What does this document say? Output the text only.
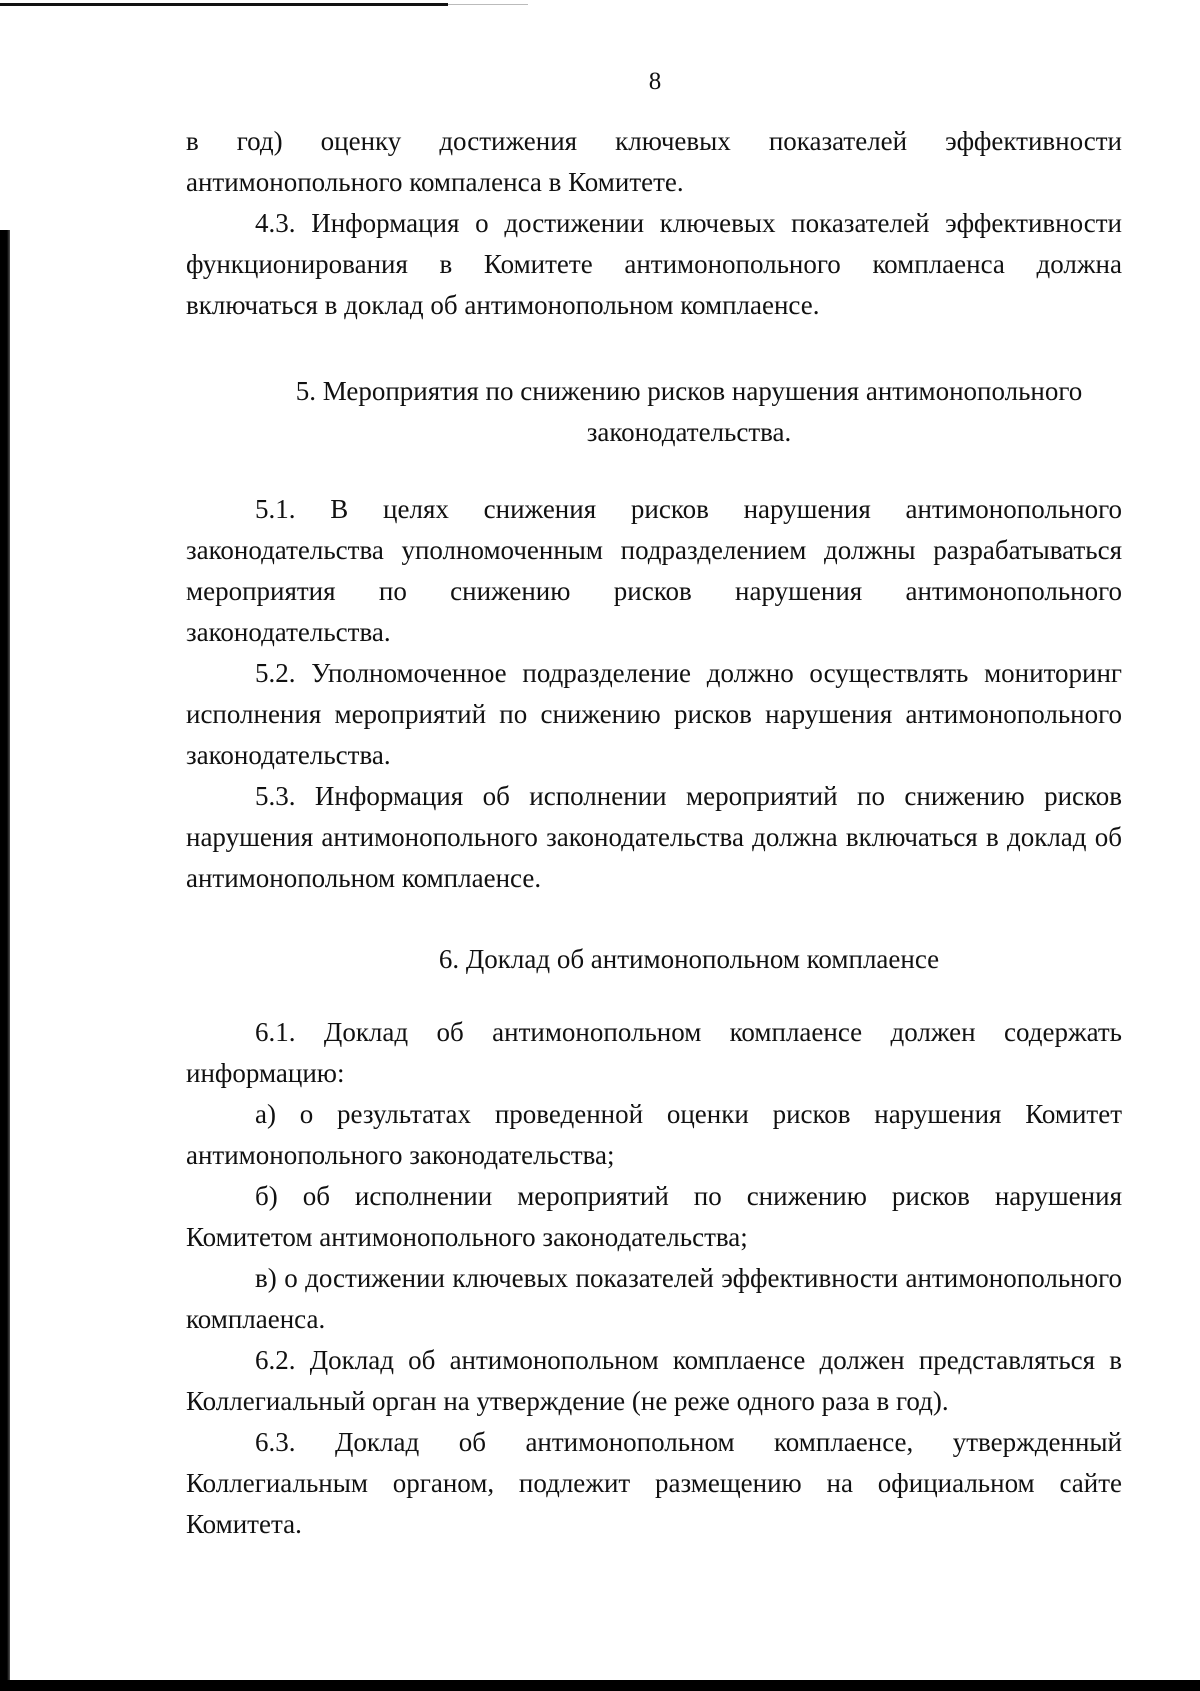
8

в год) оценку достижения ключевых показателей эффективности антимонопольного компаленса в Комитете.

4.3. Информация о достижении ключевых показателей эффективности функционирования в Комитете антимонопольного комплаенса должна включаться в доклад об антимонопольном комплаенсе.

5. Мероприятия по снижению рисков нарушения антимонопольного законодательства.

5.1. В целях снижения рисков нарушения антимонопольного законодательства уполномоченным подразделением должны разрабатываться мероприятия по снижению рисков нарушения антимонопольного законодательства.

5.2. Уполномоченное подразделение должно осуществлять мониторинг исполнения мероприятий по снижению рисков нарушения антимонопольного законодательства.

5.3. Информация об исполнении мероприятий по снижению рисков нарушения антимонопольного законодательства должна включаться в доклад об антимонопольном комплаенсе.

6. Доклад об антимонопольном комплаенсе

6.1. Доклад об антимонопольном комплаенсе должен содержать информацию:

а) о результатах проведенной оценки рисков нарушения Комитет антимонопольного законодательства;

б) об исполнении мероприятий по снижению рисков нарушения Комитетом антимонопольного законодательства;

в) о достижении ключевых показателей эффективности антимонопольного комплаенса.

6.2. Доклад об антимонопольном комплаенсе должен представляться в Коллегиальный орган на утверждение (не реже одного раза в год).

6.3. Доклад об антимонопольном комплаенсе, утвержденный Коллегиальным органом, подлежит размещению на официальном сайте Комитета.
